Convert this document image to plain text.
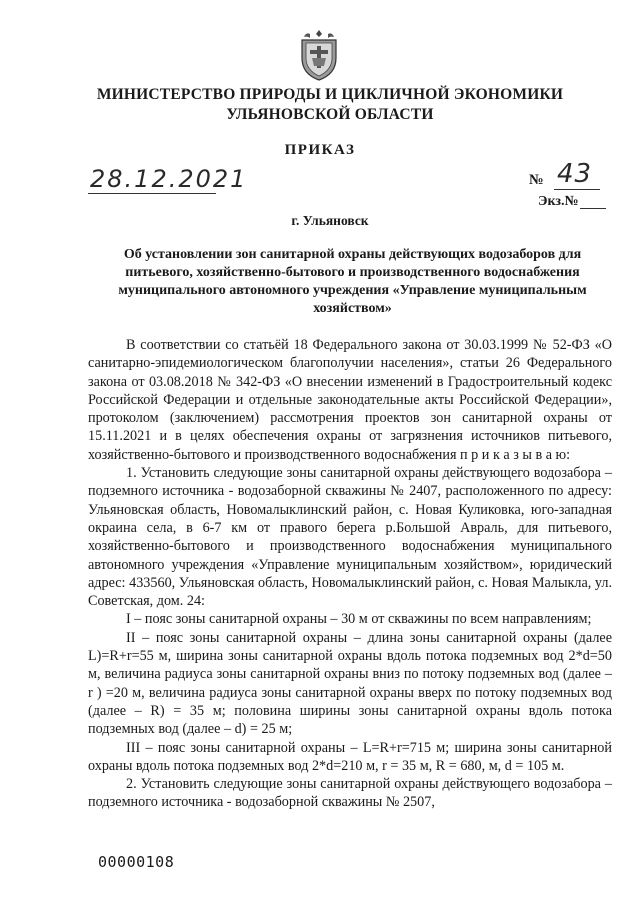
МИНИСТЕРСТВО ПРИРОДЫ И ЦИКЛИЧНОЙ ЭКОНОМИКИ
УЛЬЯНОВСКОЙ ОБЛАСТИ
ПРИКАЗ
28.12.2021	№ 43
Экз.№
г. Ульяновск
Об установлении зон санитарной охраны действующих водозаборов для питьевого, хозяйственно-бытового и производственного водоснабжения муниципального автономного учреждения «Управление муниципальным хозяйством»

В соответствии со статьёй 18 Федерального закона от 30.03.1999 № 52-ФЗ «О санитарно-эпидемиологическом благополучии населения», статьи 26 Федерального закона от 03.08.2018 № 342-ФЗ «О внесении изменений в Градостроительный кодекс Российской Федерации и отдельные законодательные акты Российской Федерации», протоколом (заключением) рассмотрения проектов зон санитарной охраны от 15.11.2021 и в целях обеспечения охраны от загрязнения источников питьевого, хозяйственно-бытового и производственного водоснабжения п р и к а з ы в а ю:

1. Установить следующие зоны санитарной охраны действующего водозабора – подземного источника - водозаборной скважины № 2407, расположенного по адресу: Ульяновская область, Новомалыклинский район, с. Новая Куликовка, юго-западная окраина села, в 6-7 км от правого берега р.Большой Авраль, для питьевого, хозяйственно-бытового и производственного водоснабжения муниципального автономного учреждения «Управление муниципальным хозяйством», юридический адрес: 433560, Ульяновская область, Новомалыклинский район, с. Новая Малыкла, ул. Советская, дом. 24:

I – пояс зоны санитарной охраны – 30 м от скважины по всем направлениям;

II – пояс зоны санитарной охраны – длина зоны санитарной охраны (далее L)=R+r=55 м, ширина зоны санитарной охраны вдоль потока подземных вод 2*d=50 м, величина радиуса зоны санитарной охраны вниз по потоку подземных вод (далее –r ) =20 м, величина радиуса зоны санитарной охраны вверх по потоку подземных вод (далее – R) = 35 м; половина ширины зоны санитарной охраны вдоль потока подземных вод (далее – d) = 25 м;

III – пояс зоны санитарной охраны – L=R+r=715 м; ширина зоны санитарной охраны вдоль потока подземных вод 2*d=210 м, r = 35 м, R = 680, м, d = 105 м.

2. Установить следующие зоны санитарной охраны действующего водозабора – подземного источника - водозаборной скважины № 2507,

00000108
